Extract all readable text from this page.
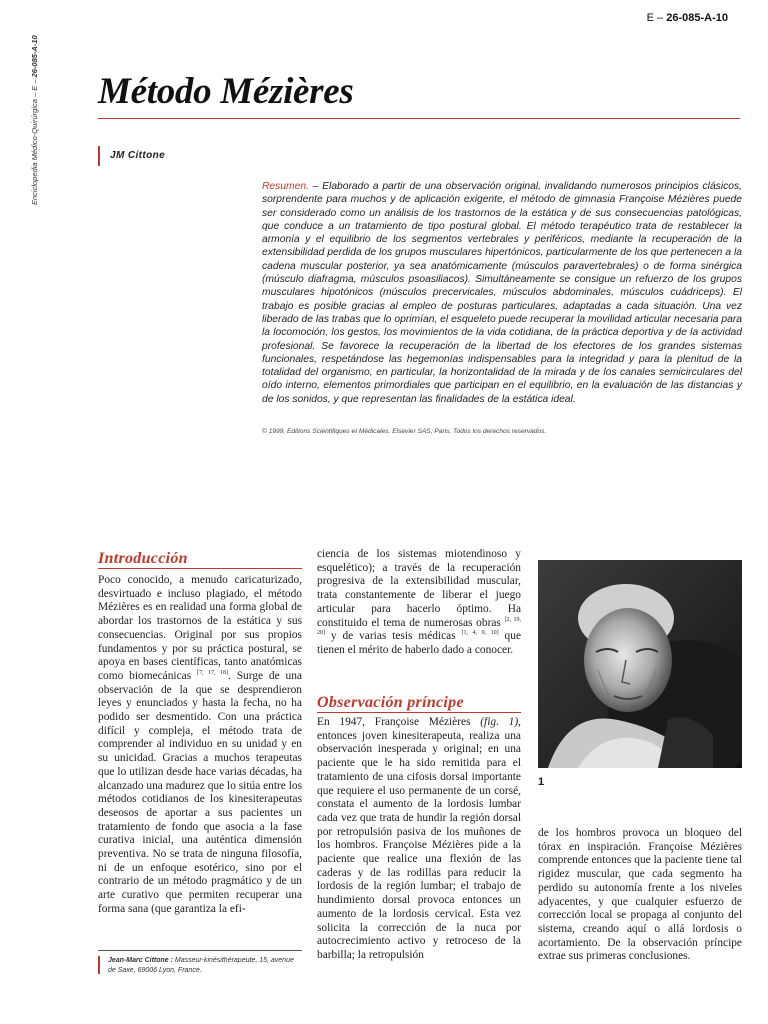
Enciclopedia Médico-Quirúrgica – E – 26-085-A-10
E – 26-085-A-10
Método Mézières
JM Cittone

Resumen. – Elaborado a partir de una observación original, invalidando numerosos principios clásicos, sorprendente para muchos y de aplicación exigente, el método de gimnasia Françoise Mézières puede ser considerado como un análisis de los trastornos de la estática y de sus consecuencias patológicas, que conduce a un tratamiento de tipo postural global. El método terapéutico trata de restablecer la armonía y el equilibrio de los segmentos vertebrales y periféricos, mediante la recuperación de la extensibilidad perdida de los grupos musculares hipertónicos, particularmente de los que pertenecen a la cadena muscular posterior, ya sea anatómicamente (músculos paravertebrales) o de forma sinérgica (músculo diafragma, músculos psoasiliacos). Simultáneamente se consigue un refuerzo de los grupos musculares hipotónicos (músculos precervicales, músculos abdominales, músculos cuádriceps). El trabajo es posible gracias al empleo de posturas particulares, adaptadas a cada situación. Una vez liberado de las trabas que lo oprimían, el esqueleto puede recuperar la movilidad articular necesaria para la locomoción, los gestos, los movimientos de la vida cotidiana, de la práctica deportiva y de la actividad profesional. Se favorece la recuperación de la libertad de los efectores de los grandes sistemas funcionales, respetándose las hegemonías indispensables para la integridad y para la plenitud de la totalidad del organismo, en particular, la horizontalidad de la mirada y de los canales semicirculares del oído interno, elementos primordiales que participan en el equilibrio, en la evaluación de las distancias y de los sonidos, y que representan las finalidades de la estática ideal.

© 1999, Editions Scientifiques et Médicales. Elsevier SAS, Paris. Todos los derechos reservados.

Introducción

Poco conocido, a menudo caricaturizado, desvirtuado e incluso plagiado, el método Mézières es en realidad una forma global de abordar los trastornos de la estática y sus consecuencias. Original por sus propios fundamentos y por su práctica postural, se apoya en bases científicas, tanto anatómicas como biomecánicas [7, 17, 18]. Surge de una observación de la que se desprendieron leyes y enunciados y hasta la fecha, no ha podido ser desmentido. Con una práctica difícil y compleja, el método trata de comprender al individuo en su unidad y en su unicidad. Gracias a muchos terapeutas que lo utilizan desde hace varias décadas, ha alcanzado una madurez que lo sitúa entre los métodos cotidianos de los kinesiterapeutas deseosos de aportar a sus pacientes un tratamiento de fondo que asocia a la fase curativa inicial, una auténtica dimensión preventiva. No se trata de ninguna filosofía, ni de un enfoque esotérico, sino por el contrario de un método pragmático y de un arte curativo que permiten recuperar una forma sana (que garantiza la efi-

ciencia de los sistemas miotendinoso y esquelético); a través de la recuperación progresiva de la extensibilidad muscular, trata constantemente de liberar el juego articular para hacerlo óptimo. Ha constituido el tema de numerosas obras [2, 19, 20] y de varias tesis médicas [1, 4, 9, 10] que tienen el mérito de haberlo dado a conocer.

Observación príncipe

En 1947, Françoise Mézières (fig. 1), entonces joven kinesiterapeuta, realiza una observación inesperada y original; en una paciente que le ha sido remitida para el tratamiento de una cifosis dorsal importante que requiere el uso permanente de un corsé, constata el aumento de la lordosis lumbar cada vez que trata de hundir la región dorsal por retropulsión pasiva de los muñones de los hombros. Françoise Mézières pide a la paciente que realice una flexión de las caderas y de las rodillas para reducir la lordosis de la región lumbar; el trabajo de hundimiento dorsal provoca entonces un aumento de la lordosis cervical. Esta vez solicita la corrección de la nuca por autocrecimiento activo y retroceso de la barbilla; la retropulsión

1

de los hombros provoca un bloqueo del tórax en inspiración. Françoise Mézières comprende entonces que la paciente tiene tal rigidez muscular, que cada segmento ha perdido su autonomía frente a los niveles adyacentes, y que cualquier esfuerzo de corrección local se propaga al conjunto del sistema, creando aquí o allá lordosis o acortamiento. De la observación príncipe extrae sus primeras conclusiones.

Jean-Marc Cittone : Masseur-kinésithérapeute, 15, avenue de Saxe, 69006 Lyon, France.
